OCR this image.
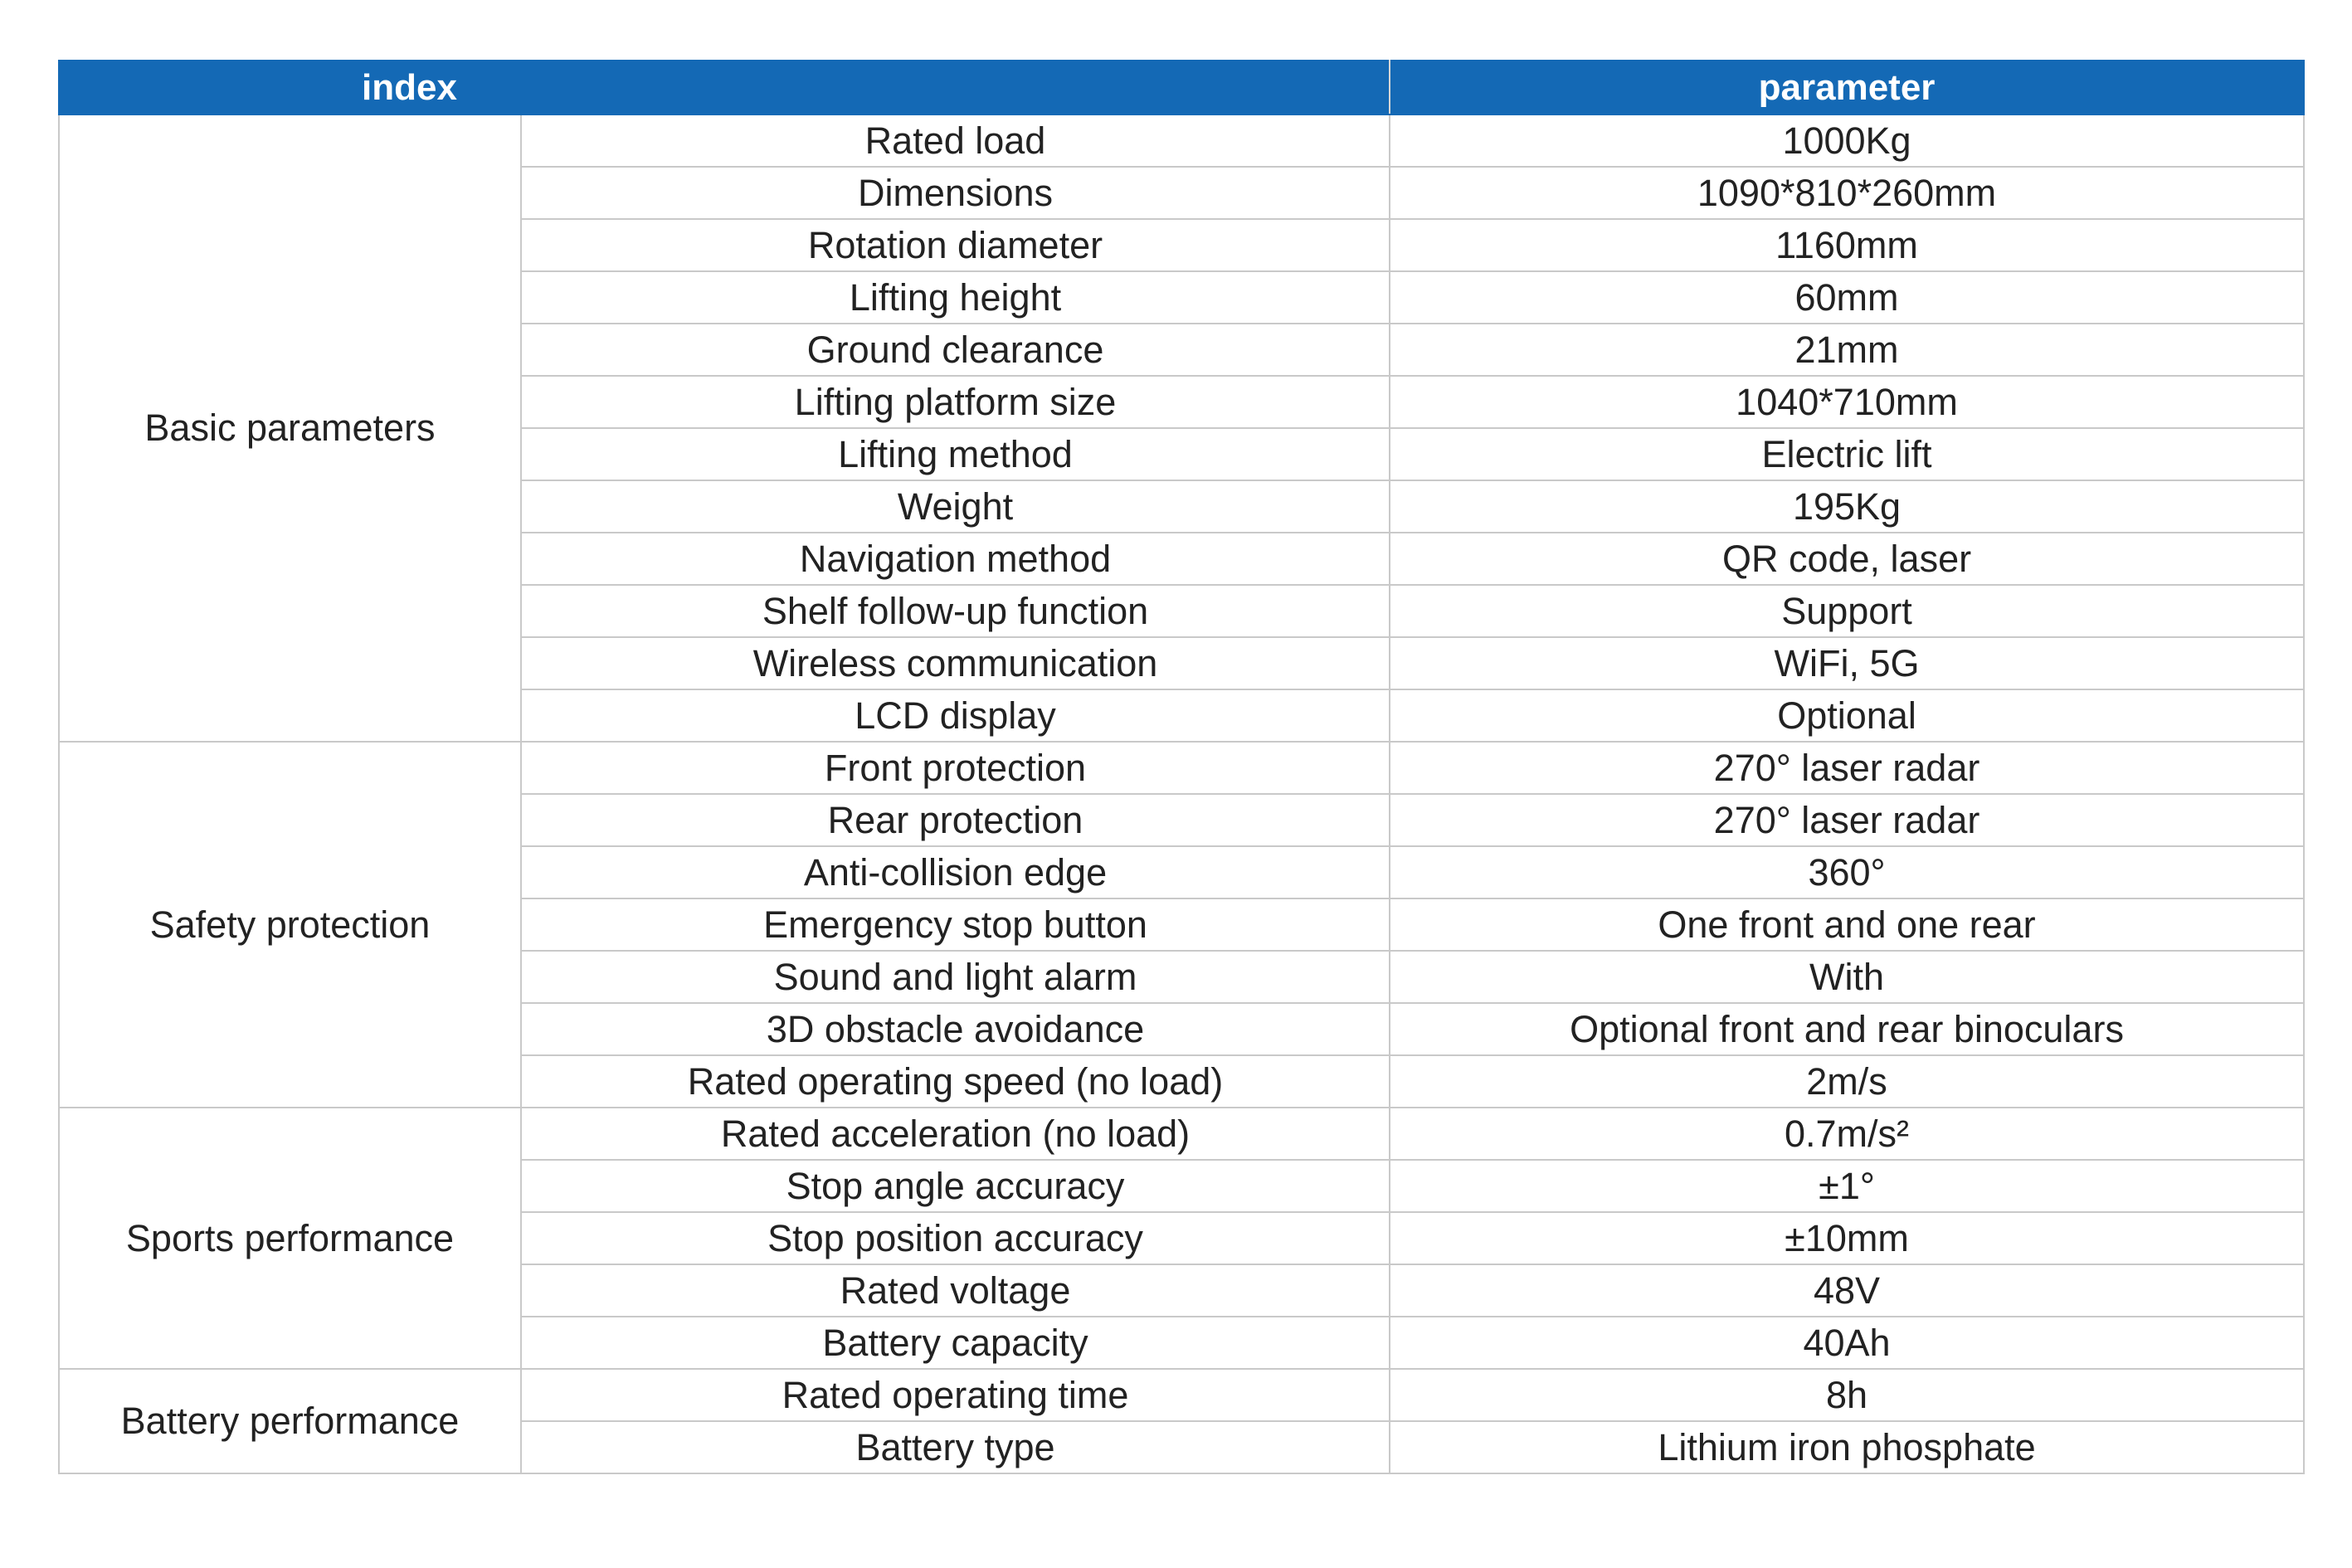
index		parameter
Basic parameters	Rated load	1000Kg
	Dimensions	1090*810*260mm
	Rotation diameter	1160mm
	Lifting height	60mm
	Ground clearance	21mm
	Lifting platform size	1040*710mm
	Lifting method	Electric lift
	Weight	195Kg
	Navigation method	QR code, laser
	Shelf follow-up function	Support
	Wireless communication	WiFi, 5G
	LCD display	Optional
Safety protection	Front protection	270° laser radar
	Rear protection	270° laser radar
	Anti-collision edge	360°
	Emergency stop button	One front and one rear
	Sound and light alarm	With
	3D obstacle avoidance	Optional front and rear binoculars
	Rated operating speed (no load)	2m/s
Sports performance	Rated acceleration (no load)	0.7m/s²
	Stop angle accuracy	±1°
	Stop position accuracy	±10mm
	Rated voltage	48V
	Battery capacity	40Ah
Battery performance	Rated operating time	8h
	Battery type	Lithium iron phosphate
